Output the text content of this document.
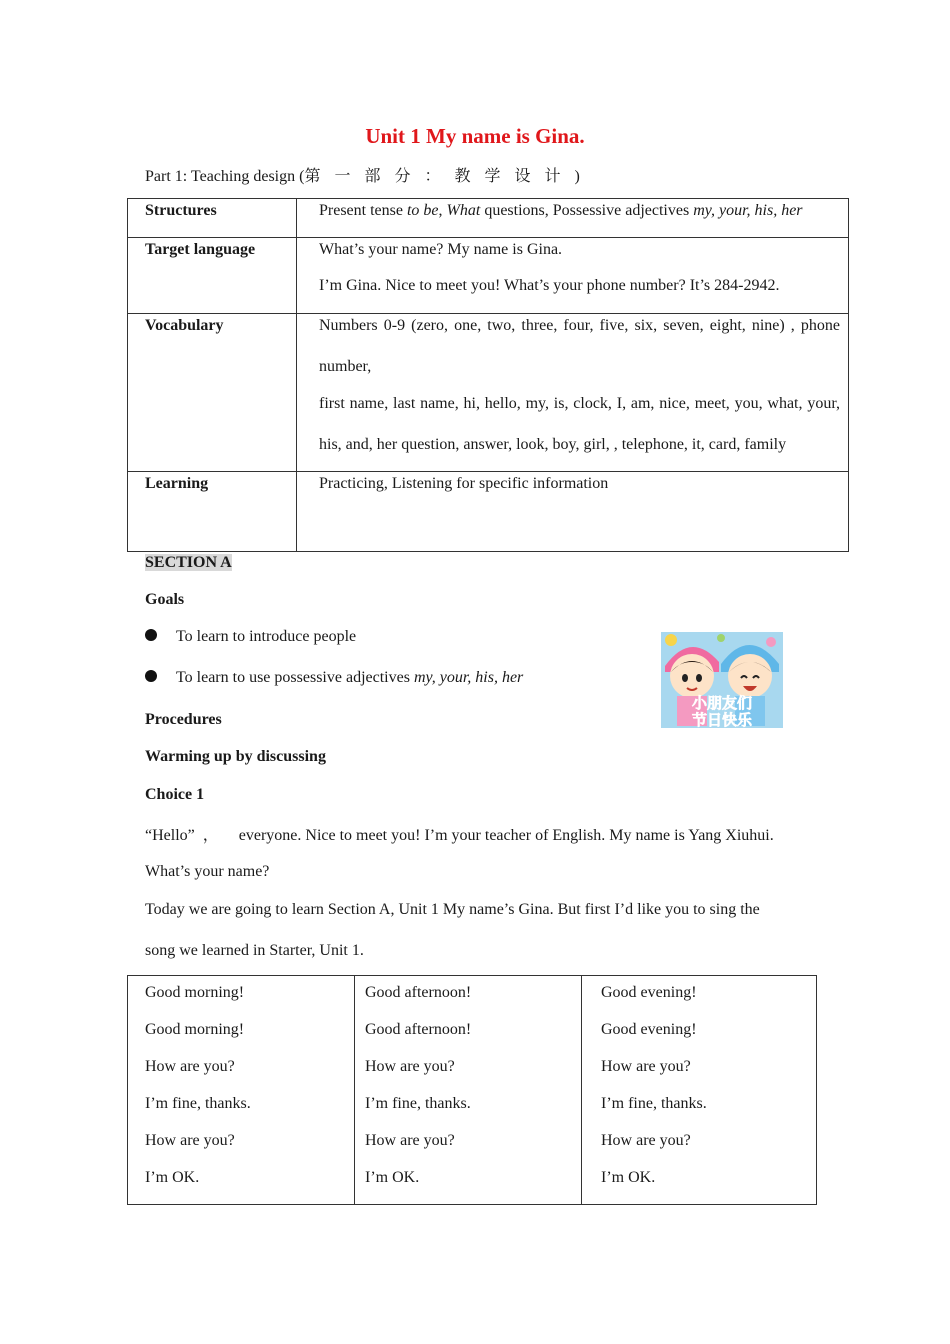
Unit 1 My name is Gina.
Part 1: Teaching design (第一部分：教学设计)
Structures	Present tense to be, What questions, Possessive adjectives my, your, his, her

Target language	What’s your name? My name is Gina.

I’m Gina. Nice to meet you! What’s your phone number? It’s 284-2942.

Vocabulary	Numbers 0-9 (zero, one, two, three, four, five, six, seven, eight, nine) , phone number,

first name, last name, hi, hello, my, is, clock, I, am, nice, meet, you, what, your, his, and, her question, answer, look, boy, girl, , telephone, it, card, family

Learning	Practicing, Listening for specific information
SECTION A
Goals
To learn to introduce people
To learn to use possessive adjectives my, your, his, her
小朋友们
节日快乐
Procedures
Warming up by discussing
Choice 1
“Hello”  ，     everyone. Nice to meet you! I’m your teacher of English. My name is Yang Xiuhui.
What’s your name?
Today we are going to learn Section A, Unit 1 My name’s Gina. But first I’d like you to sing the
song we learned in Starter, Unit 1.
Good morning!
Good morning!
How are you?
I’m fine, thanks.
How are you?
I’m OK.

Good afternoon!
Good afternoon!
How are you?
I’m fine, thanks.
How are you?
I’m OK.

Good evening!
Good evening!
How are you?
I’m fine, thanks.
How are you?
I’m OK.
